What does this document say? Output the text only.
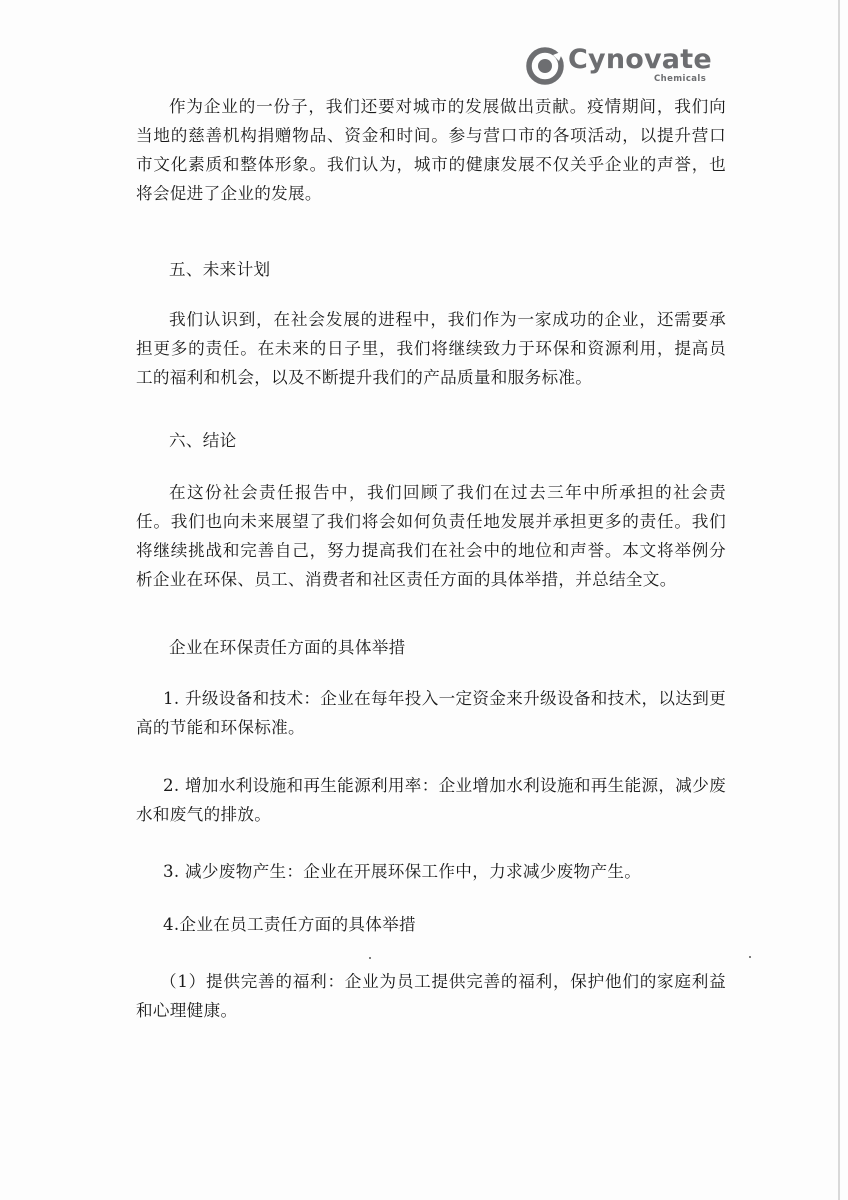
Cynovate
Chemicals

作为企业的一份子，我们还要对城市的发展做出贡献。疫情期间，我们向当地的慈善机构捐赠物品、资金和时间。参与营口市的各项活动，以提升营口市文化素质和整体形象。我们认为，城市的健康发展不仅关乎企业的声誉，也将会促进了企业的发展。

五、未来计划

我们认识到，在社会发展的进程中，我们作为一家成功的企业，还需要承担更多的责任。在未来的日子里，我们将继续致力于环保和资源利用，提高员工的福利和机会，以及不断提升我们的产品质量和服务标准。

六、结论

在这份社会责任报告中，我们回顾了我们在过去三年中所承担的社会责任。我们也向未来展望了我们将会如何负责任地发展并承担更多的责任。我们将继续挑战和完善自己，努力提高我们在社会中的地位和声誉。本文将举例分析企业在环保、员工、消费者和社区责任方面的具体举措，并总结全文。

企业在环保责任方面的具体举措

1. 升级设备和技术：企业在每年投入一定资金来升级设备和技术，以达到更高的节能和环保标准。

2. 增加水利设施和再生能源利用率：企业增加水利设施和再生能源，减少废水和废气的排放。

3. 减少废物产生：企业在开展环保工作中，力求减少废物产生。

4.企业在员工责任方面的具体举措

（1）提供完善的福利：企业为员工提供完善的福利，保护他们的家庭利益和心理健康。
